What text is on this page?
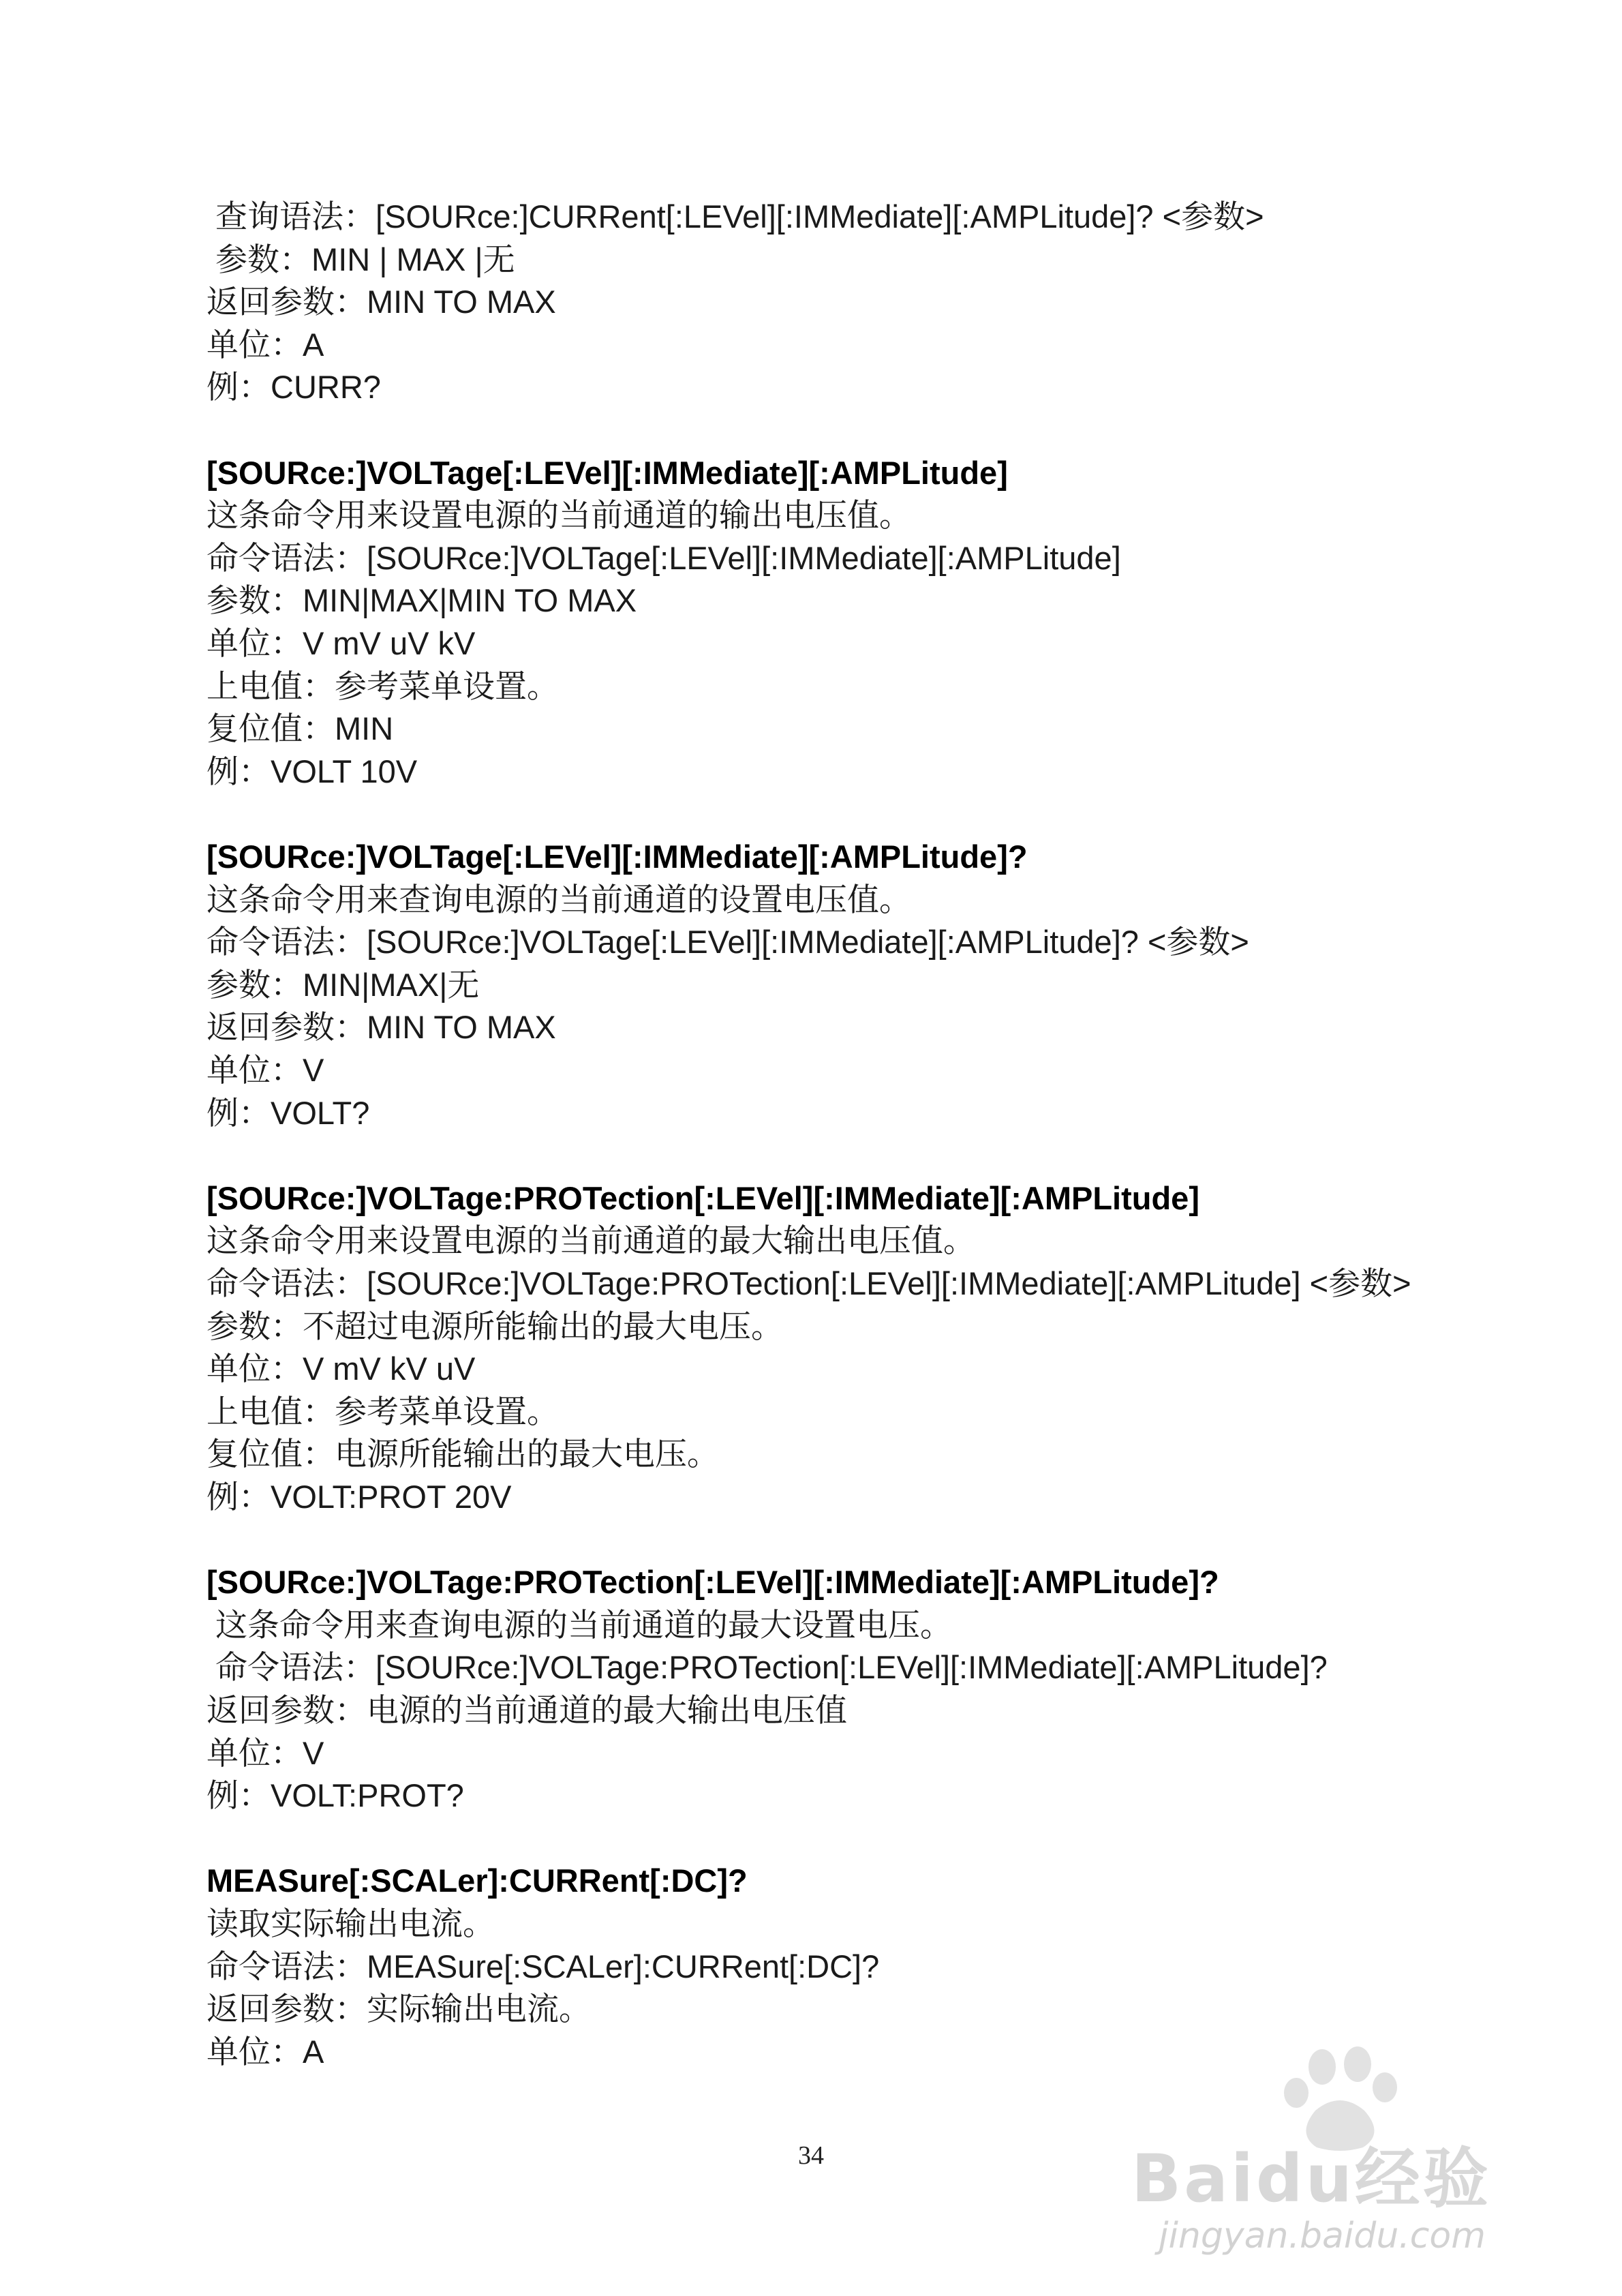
查询语法：[SOURce:]CURRent[:LEVel][:IMMediate][:AMPLitude]? <参数>
参数：MIN | MAX |无
返回参数：MIN TO MAX
单位：A
例：CURR?
[SOURce:]VOLTage[:LEVel][:IMMediate][:AMPLitude]
这条命令用来设置电源的当前通道的输出电压值。
命令语法：[SOURce:]VOLTage[:LEVel][:IMMediate][:AMPLitude]
参数：MIN|MAX|MIN TO MAX
单位：V mV uV kV
上电值：参考菜单设置。
复位值：MIN
例：VOLT 10V
[SOURce:]VOLTage[:LEVel][:IMMediate][:AMPLitude]?
这条命令用来查询电源的当前通道的设置电压值。
命令语法：[SOURce:]VOLTage[:LEVel][:IMMediate][:AMPLitude]? <参数>
参数：MIN|MAX|无
返回参数：MIN TO MAX
单位：V
例：VOLT?
[SOURce:]VOLTage:PROTection[:LEVel][:IMMediate][:AMPLitude]
这条命令用来设置电源的当前通道的最大输出电压值。
命令语法：[SOURce:]VOLTage:PROTection[:LEVel][:IMMediate][:AMPLitude] <参数>
参数：不超过电源所能输出的最大电压。
单位：V mV kV uV
上电值：参考菜单设置。
复位值：电源所能输出的最大电压。
例：VOLT:PROT 20V
[SOURce:]VOLTage:PROTection[:LEVel][:IMMediate][:AMPLitude]?
这条命令用来查询电源的当前通道的最大设置电压。
命令语法：[SOURce:]VOLTage:PROTection[:LEVel][:IMMediate][:AMPLitude]?
返回参数：电源的当前通道的最大输出电压值
单位：V
例：VOLT:PROT?
MEASure[:SCALer]:CURRent[:DC]?
读取实际输出电流。
命令语法：MEASure[:SCALer]:CURRent[:DC]?
返回参数：实际输出电流。
单位：A
34	Baidu经验
jingyan.baidu.com
